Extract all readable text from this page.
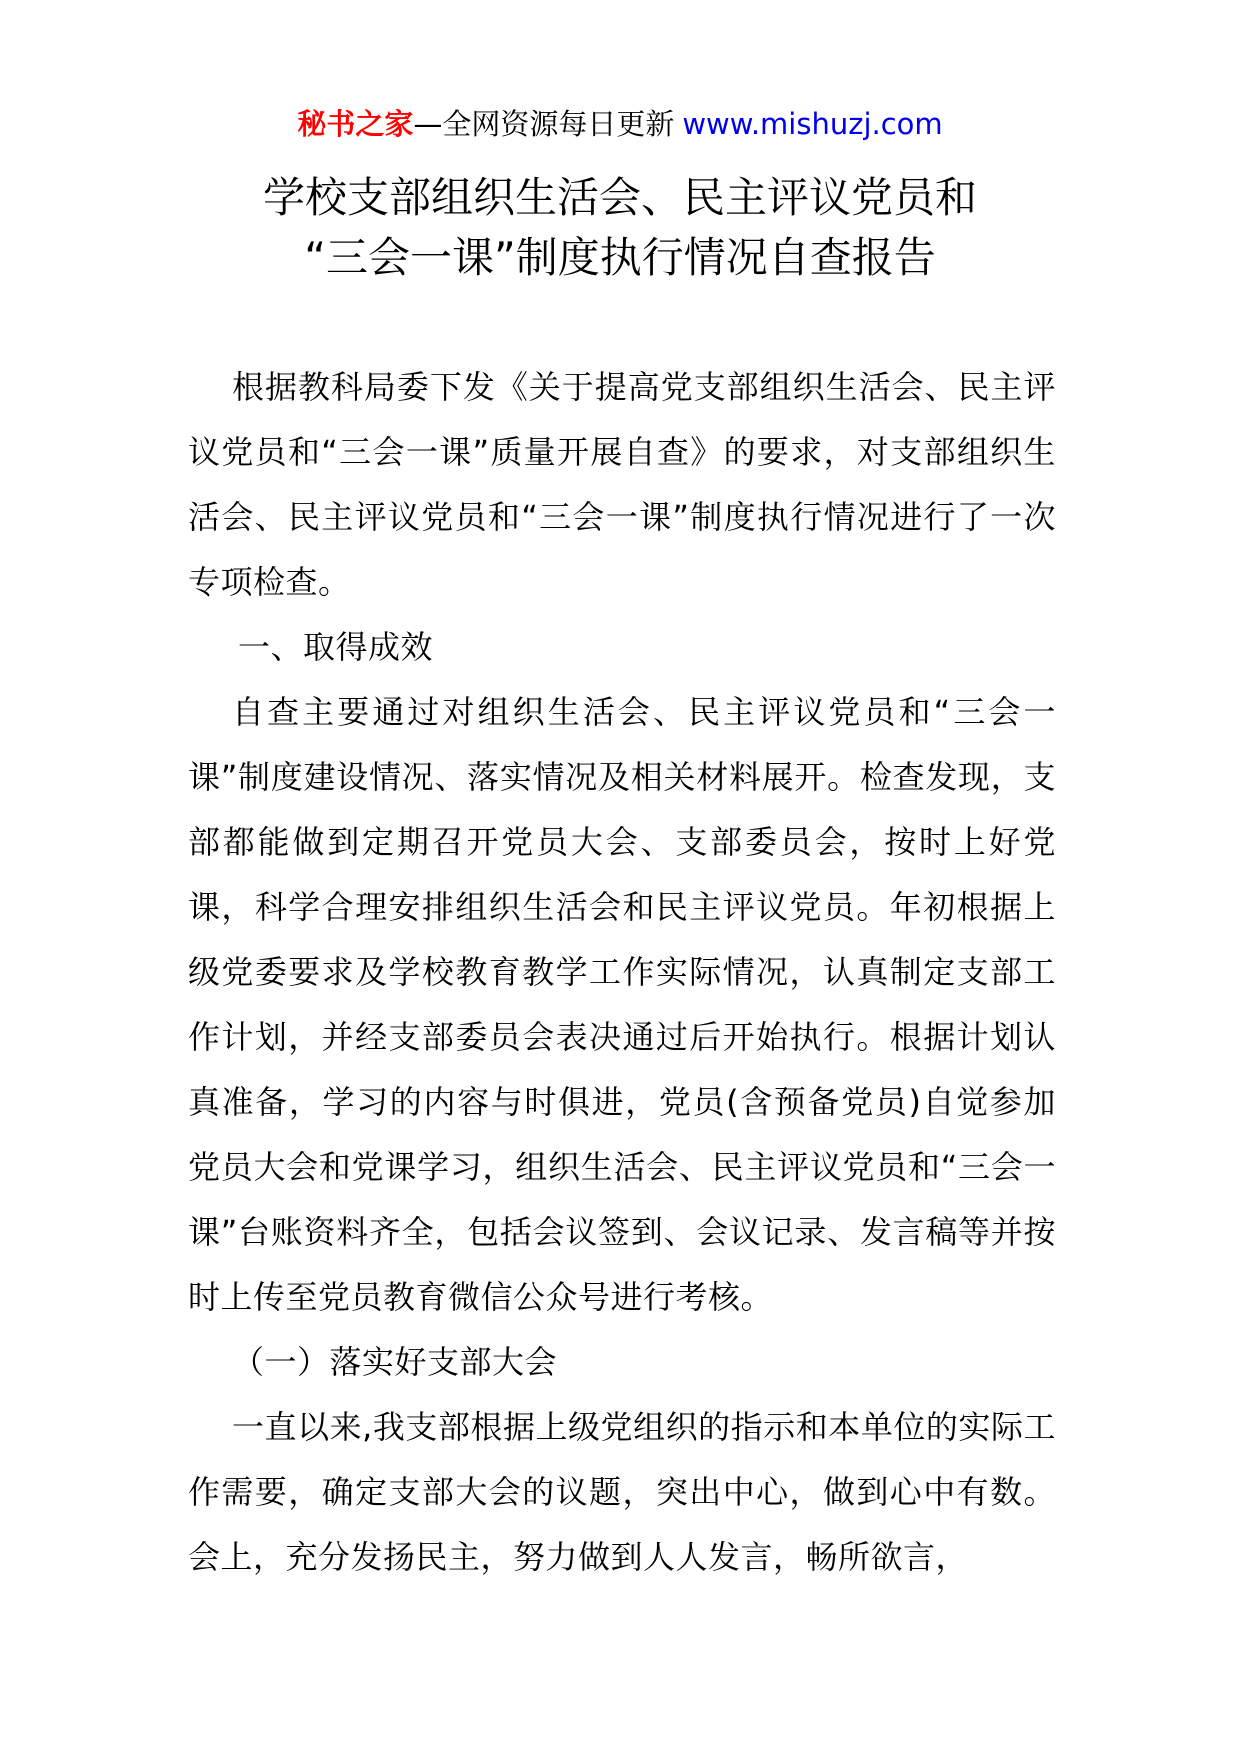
秘书之家—全网资源每日更新 www.mishuzj.com
学校支部组织生活会、民主评议党员和
“三会一课”制度执行情况自查报告

根据教科局委下发《关于提高党支部组织生活会、民主评议党员和“三会一课”质量开展自查》的要求，对支部组织生活会、民主评议党员和“三会一课”制度执行情况进行了一次专项检查。

一、取得成效

自查主要通过对组织生活会、民主评议党员和“三会一课”制度建设情况、落实情况及相关材料展开。检查发现，支部都能做到定期召开党员大会、支部委员会，按时上好党课，科学合理安排组织生活会和民主评议党员。年初根据上级党委要求及学校教育教学工作实际情况，认真制定支部工作计划，并经支部委员会表决通过后开始执行。根据计划认真准备，学习的内容与时俱进，党员(含预备党员)自觉参加党员大会和党课学习，组织生活会、民主评议党员和“三会一课”台账资料齐全，包括会议签到、会议记录、发言稿等并按时上传至党员教育微信公众号进行考核。

（一）落实好支部大会

一直以来,我支部根据上级党组织的指示和本单位的实际工作需要，确定支部大会的议题，突出中心，做到心中有数。会上，充分发扬民主，努力做到人人发言，畅所欲言，
